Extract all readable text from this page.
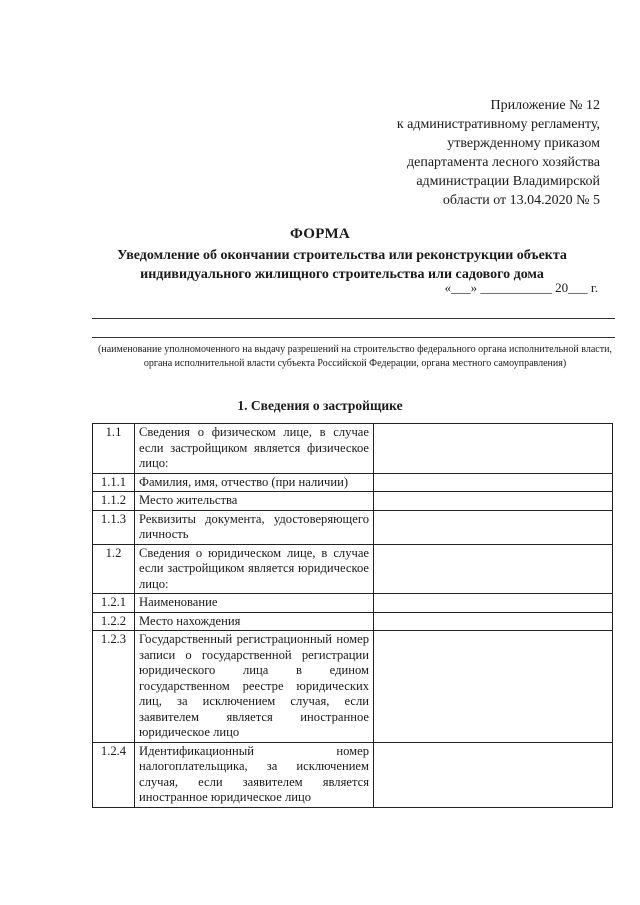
Приложение № 12
к административному регламенту,
утвержденному приказом
департамента лесного хозяйства
администрации Владимирской
области от 13.04.2020 № 5
ФОРМА
Уведомление об окончании строительства или реконструкции объекта индивидуального жилищного строительства или садового дома
«___» ___________ 20___ г.
(наименование уполномоченного на выдачу разрешений на строительство федерального органа исполнительной власти, органа исполнительной власти субъекта Российской Федерации, органа местного самоуправления)
1. Сведения о застройщике
1.1	Сведения о физическом лице, в случае если застройщиком является физическое лицо:	
1.1.1	Фамилия, имя, отчество (при наличии)	
1.1.2	Место жительства	
1.1.3	Реквизиты документа, удостоверяющего личность	
1.2	Сведения о юридическом лице, в случае если застройщиком является юридическое лицо:	
1.2.1	Наименование	
1.2.2	Место нахождения	
1.2.3	Государственный регистрационный номер записи о государственной регистрации юридического лица в едином государственном реестре юридических лиц, за исключением случая, если заявителем является иностранное юридическое лицо	
1.2.4	Идентификационный номер налогоплательщика, за исключением случая, если заявителем является иностранное юридическое лицо	
